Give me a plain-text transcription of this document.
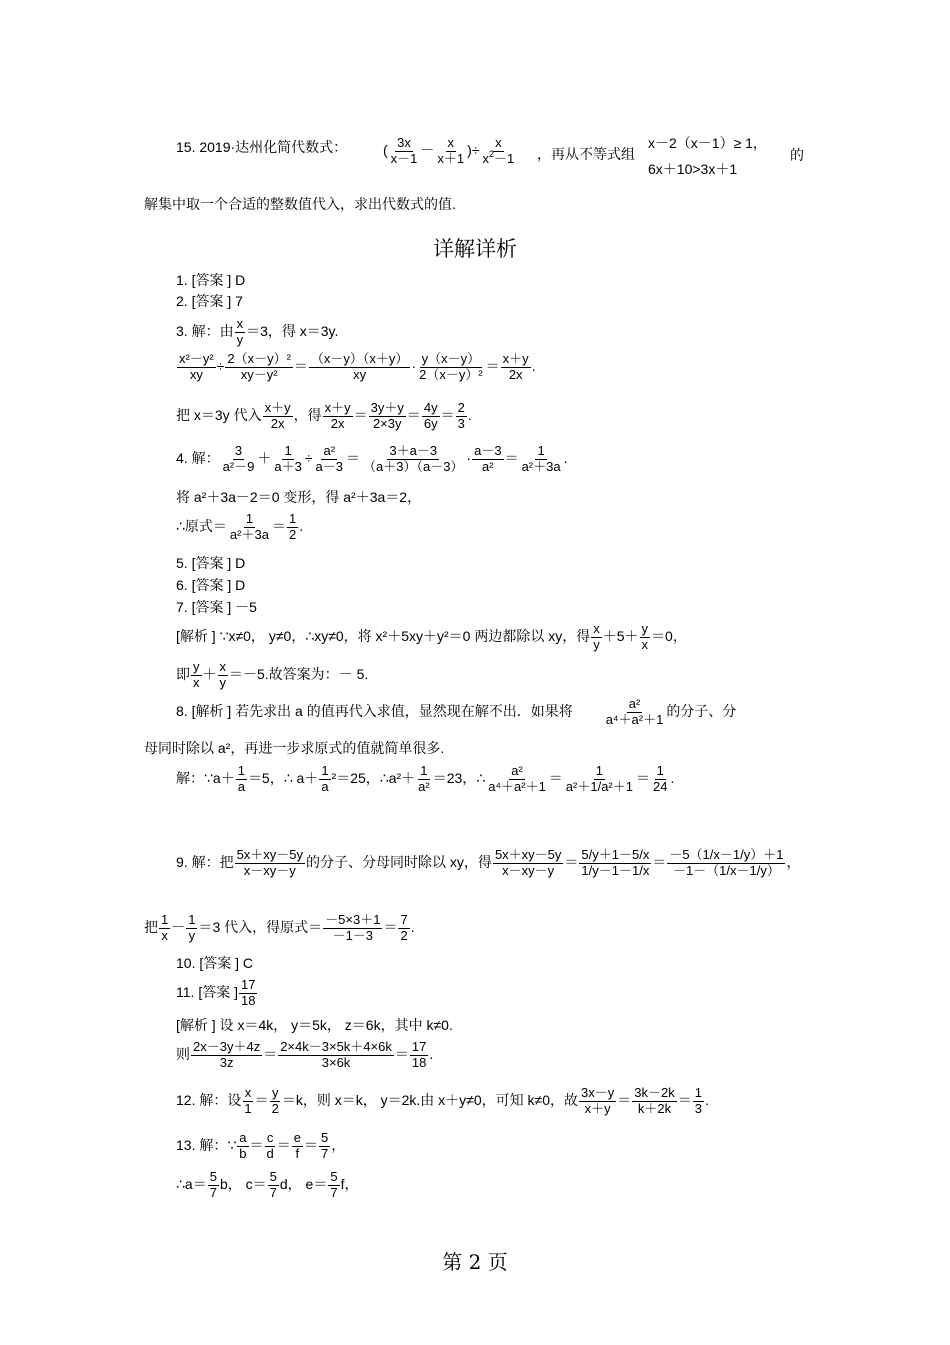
15. 2019·达州化简代数式：	( $\frac{3x}{x-1} - \frac{x}{x+1}$ )÷ $\frac{x}{x^2-1}$ ，再从不等式组
x－2（x－1）≥ 1，
6x＋10>3x＋1
的
解集中取一个合适的整数值代入，求出代数式的值.
详解详析
1. [答案 ] D
2. [答案 ] 7
3. 解：由 $\frac{x}{y} =3$，得 x＝3y.
$\frac{\text{x²－y²}}{xy} \div \frac{\text{2（x－y）²}}{\text{xy－y²}} = \frac{(x-y)(x+y)}{xy} \cdot \frac{y(x-y)}{\text{2（x－y）²}} = \frac{x+y}{2x}$ .
把 x＝3y 代入 $\frac{x+y}{2x}$ ，得 $\frac{x+y}{2x} = \frac{3y+y}{2\times 3y} = \frac{4y}{6y} = \frac{2}{3}$ .
4. 解： $\frac{3}{\text{a²－9}} + \frac{1}{a+3} \div \frac{\text{a²}}{a-3} = \frac{3+a-3}{(a+3)(a-3)} \cdot \frac{a-3}{\text{a²}} = \frac{1}{\text{a²＋3a}}$ .
将 a²＋3a－2＝0 变形，得 a²＋3a＝2，
∴原式＝ $\frac{1}{\text{a²＋3a}} = \frac{1}{2}$ .
5. [答案 ] D
6. [答案 ] D
7. [答案 ] －5
[解析 ] ∵x≠0， y≠0，∴xy≠0，将 x²＋5xy＋y²＝0 两边都除以 xy，得 $\frac{x}{y} +5+ \frac{y}{x} =0$，
即 $\frac{y}{x} + \frac{x}{y} =-5$.故答案为：－ 5.
8. [解析 ] 若先求出 a 的值再代入求值，显然现在解不出．如果将 $\frac{\text{a²}}{\text{a⁴＋a²＋1}}$ 的分子、分
母同时除以 a²，再进一步求原式的值就简单很多.
解：∵a＋ $\frac{1}{a} =5$，∴ $a+ \frac{1}{a} ^2=25$，∴a²＋ $\frac{1}{\text{a²}} =23$，∴ $\frac{\text{a²}}{\text{a⁴＋a²＋1}} = \frac{1}{\text{a²＋1/a²＋1}} = \frac{1}{24}$ .
9. 解：把 $\frac{5x+xy-5y}{x-xy-y}$ 的分子、分母同时除以 xy，得 $\frac{5x+xy-5y}{x-xy-y} = \frac{5/y+1-5/x}{1/y-1-1/x} = \frac{-5(1/x-1/y)+1}{-1-(1/x-1/y)}$ ，
把 $\frac{1}{x} - \frac{1}{y} =3$ 代入，得原式＝ $\frac{-5\times 3+1}{-1-3} = \frac{7}{2}$ .
10. [答案 ] C
11. [答案 ] $\frac{17}{18}$
[解析 ] 设 x＝4k， y＝5k， z＝6k，其中 k≠0.
则 $\frac{2x-3y+4z}{3z} = \frac{2\times 4k-3\times 5k+4\times 6k}{3\times 6k} = \frac{17}{18}$ .
12. 解：设 $\frac{x}{1} = \frac{y}{2} =k$，则 x＝k， y＝2k.由 x＋y≠0，可知 k≠0，故 $\frac{3x-y}{x+y} = \frac{3k-2k}{k+2k} = \frac{1}{3}$ .
13. 解：∵ $\frac{a}{b} = \frac{c}{d} = \frac{e}{f} = \frac{5}{7}$ ，
∴a＝ $\frac{5}{7}$ b， $c= \frac{5}{7}$ d， $e= \frac{5}{7}$ f，
第 2 页
